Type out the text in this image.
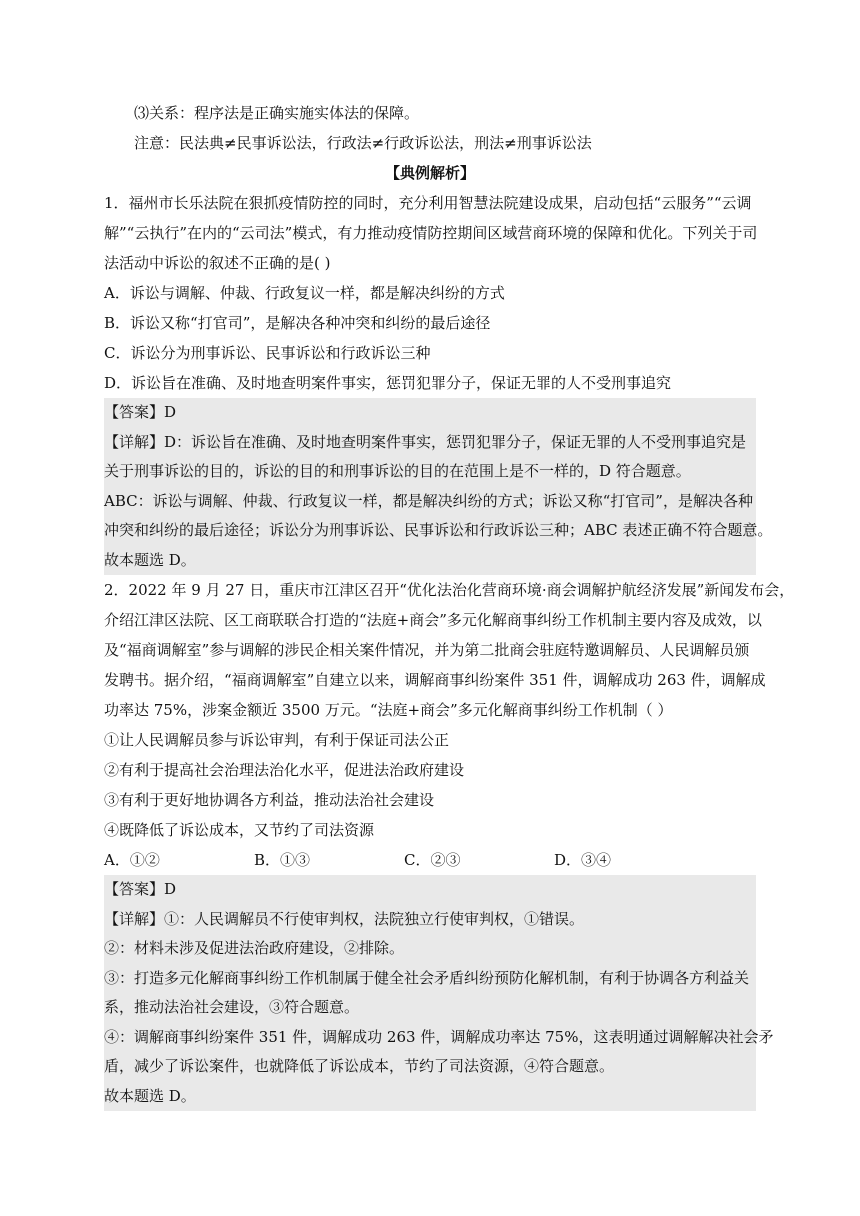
⑶关系：程序法是正确实施实体法的保障。
注意：民法典≠民事诉讼法，行政法≠行政诉讼法，刑法≠刑事诉讼法
【典例解析】
1．福州市长乐法院在狠抓疫情防控的同时，充分利用智慧法院建设成果，启动包括“云服务”“云调
解”“云执行”在内的“云司法”模式，有力推动疫情防控期间区域营商环境的保障和优化。下列关于司
法活动中诉讼的叙述不正确的是( )
A．诉讼与调解、仲裁、行政复议一样，都是解决纠纷的方式
B．诉讼又称“打官司”，是解决各种冲突和纠纷的最后途径
C．诉讼分为刑事诉讼、民事诉讼和行政诉讼三种
D．诉讼旨在准确、及时地查明案件事实，惩罚犯罪分子，保证无罪的人不受刑事追究
【答案】D
【详解】D：诉讼旨在准确、及时地查明案件事实，惩罚犯罪分子，保证无罪的人不受刑事追究是
关于刑事诉讼的目的，诉讼的目的和刑事诉讼的目的在范围上是不一样的，D 符合题意。
ABC：诉讼与调解、仲裁、行政复议一样，都是解决纠纷的方式；诉讼又称“打官司”，是解决各种
冲突和纠纷的最后途径；诉讼分为刑事诉讼、民事诉讼和行政诉讼三种；ABC 表述正确不符合题意。
故本题选 D。
2．2022 年 9 月 27 日，重庆市江津区召开“优化法治化营商环境·商会调解护航经济发展”新闻发布会，
介绍江津区法院、区工商联联合打造的“法庭+商会”多元化解商事纠纷工作机制主要内容及成效，以
及“福商调解室”参与调解的涉民企相关案件情况，并为第二批商会驻庭特邀调解员、人民调解员颁
发聘书。据介绍，“福商调解室”自建立以来，调解商事纠纷案件 351 件，调解成功 263 件，调解成
功率达 75%，涉案金额近 3500 万元。“法庭+商会”多元化解商事纠纷工作机制（ ）
①让人民调解员参与诉讼审判，有利于保证司法公正
②有利于提高社会治理法治化水平，促进法治政府建设
③有利于更好地协调各方利益，推动法治社会建设
④既降低了诉讼成本，又节约了司法资源
A．①②	B．①③	C．②③	D．③④
【答案】D
【详解】①：人民调解员不行使审判权，法院独立行使审判权，①错误。
②：材料未涉及促进法治政府建设，②排除。
③：打造多元化解商事纠纷工作机制属于健全社会矛盾纠纷预防化解机制，有利于协调各方利益关
系，推动法治社会建设，③符合题意。
④：调解商事纠纷案件 351 件，调解成功 263 件，调解成功率达 75%，这表明通过调解解决社会矛
盾，减少了诉讼案件，也就降低了诉讼成本，节约了司法资源，④符合题意。
故本题选 D。
